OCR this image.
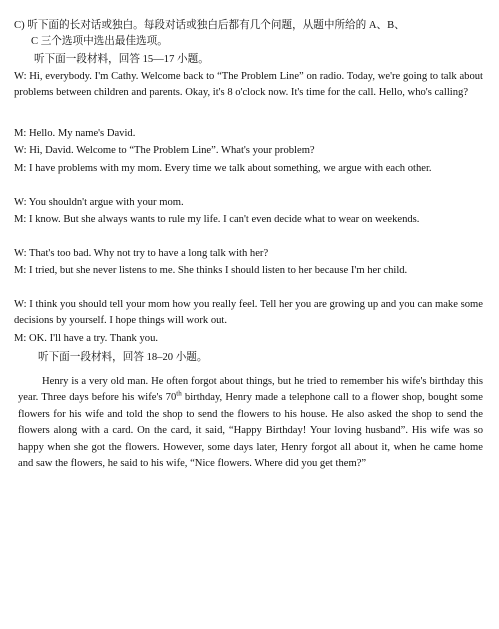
C) 听下面的长对话或独白。每段对话或独白后都有几个问题，从题中所给的 A、B、
C 三个选项中选出最佳选项。

听下面一段材料，回答 15—17 小题。

W: Hi, everybody. I'm Cathy. Welcome back to “The Problem Line” on radio. Today, we're going to talk about problems between children and parents. Okay, it's 8 o'clock now. It's time for the call. Hello, who's calling?

M: Hello. My name's David.

W: Hi, David. Welcome to “The Problem Line”. What's your problem?

M: I have problems with my mom. Every time we talk about something, we argue with each other.

W: You shouldn't argue with your mom.

M: I know. But she always wants to rule my life. I can't even decide what to wear on weekends.

W: That's too bad. Why not try to have a long talk with her?

M: I tried, but she never listens to me. She thinks I should listen to her because I'm her child.

W: I think you should tell your mom how you really feel. Tell her you are growing up and you can make some decisions by yourself. I hope things will work out.

M: OK. I'll have a try. Thank you.

听下面一段材料，回答 18–20 小题。

Henry is a very old man. He often forgot about things, but he tried to remember his wife's birthday this year. Three days before his wife's 70th birthday, Henry made a telephone call to a flower shop, bought some flowers for his wife and told the shop to send the flowers to his house. He also asked the shop to send the flowers along with a card. On the card, it said, “Happy Birthday! Your loving husband”. His wife was so happy when she got the flowers. However, some days later, Henry forgot all about it, when he came home and saw the flowers, he said to his wife, “Nice flowers. Where did you get them?”
